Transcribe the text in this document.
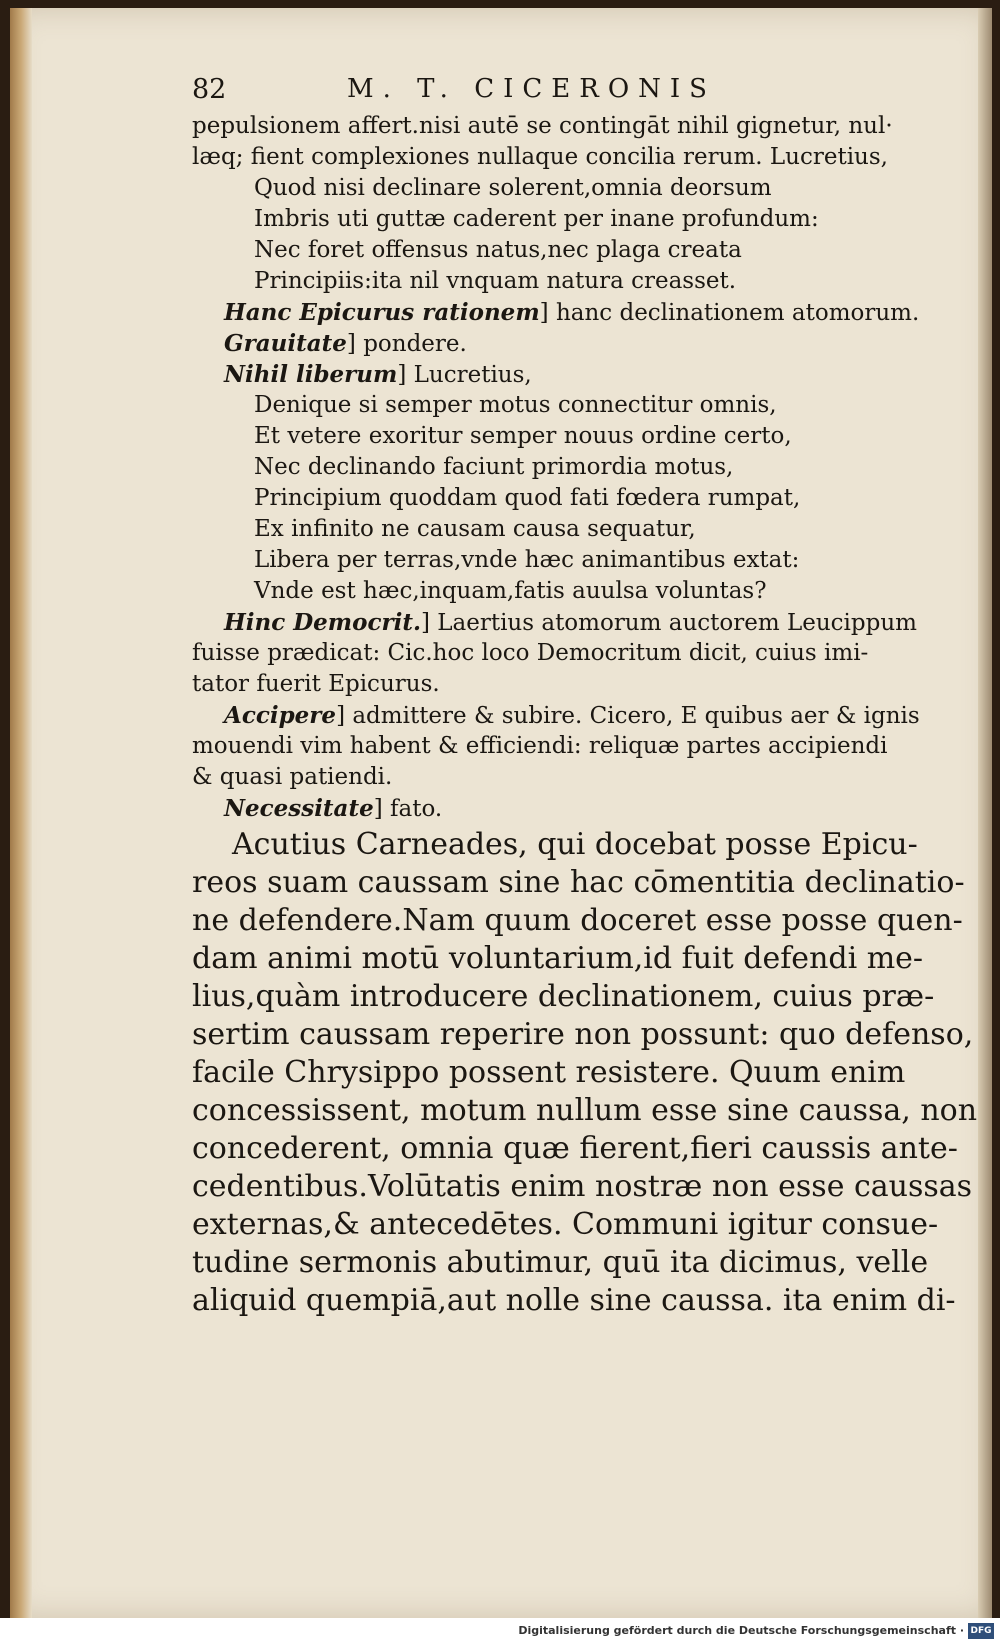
82	M. T. CICERONIS
pepulsionem affert.nisi autē se contingāt nihil gignetur, nul·
læq; fient complexiones nullaque concilia rerum. Lucretius,
Quod nisi declinare solerent,omnia deorsum
Imbris uti guttæ caderent per inane profundum:
Nec foret offensus natus,nec plaga creata
Principiis:ita nil vnquam natura creasset.
Hanc Epicurus rationem] hanc declinationem atomorum.
Grauitate] pondere.
Nihil liberum] Lucretius,
Denique si semper motus connectitur omnis,
Et vetere exoritur semper nouus ordine certo,
Nec declinando faciunt primordia motus,
Principium quoddam quod fati fœdera rumpat,
Ex infinito ne causam causa sequatur,
Libera per terras,vnde hæc animantibus extat:
Vnde est hæc,inquam,fatis auulsa voluntas?
Hinc Democrit.] Laertius atomorum auctorem Leucippum
fuisse prædicat: Cic.hoc loco Democritum dicit, cuius imi-
tator fuerit Epicurus.
Accipere] admittere & subire. Cicero, E quibus aer & ignis
mouendi vim habent & efficiendi: reliquæ partes accipiendi
& quasi patiendi.
Necessitate] fato.
Acutius Carneades, qui docebat posse Epicu-
reos suam caussam sine hac cōmentitia declinatio-
ne defendere.Nam quum doceret esse posse quen-
dam animi motū voluntarium,id fuit defendi me-
lius,quàm introducere declinationem, cuius præ-
sertim caussam reperire non possunt: quo defenso,
facile Chrysippo possent resistere. Quum enim
concessissent, motum nullum esse sine caussa, non
concederent, omnia quæ fierent,fieri caussis ante-
cedentibus.Volūtatis enim nostræ non esse caussas
externas,& antecedētes. Communi igitur consue-
tudine sermonis abutimur, quū ita dicimus, velle
aliquid quempiā,aut nolle sine caussa. ita enim di-
Digitalisierung gefördert durch die Deutsche Forschungsgemeinschaft · DFG
